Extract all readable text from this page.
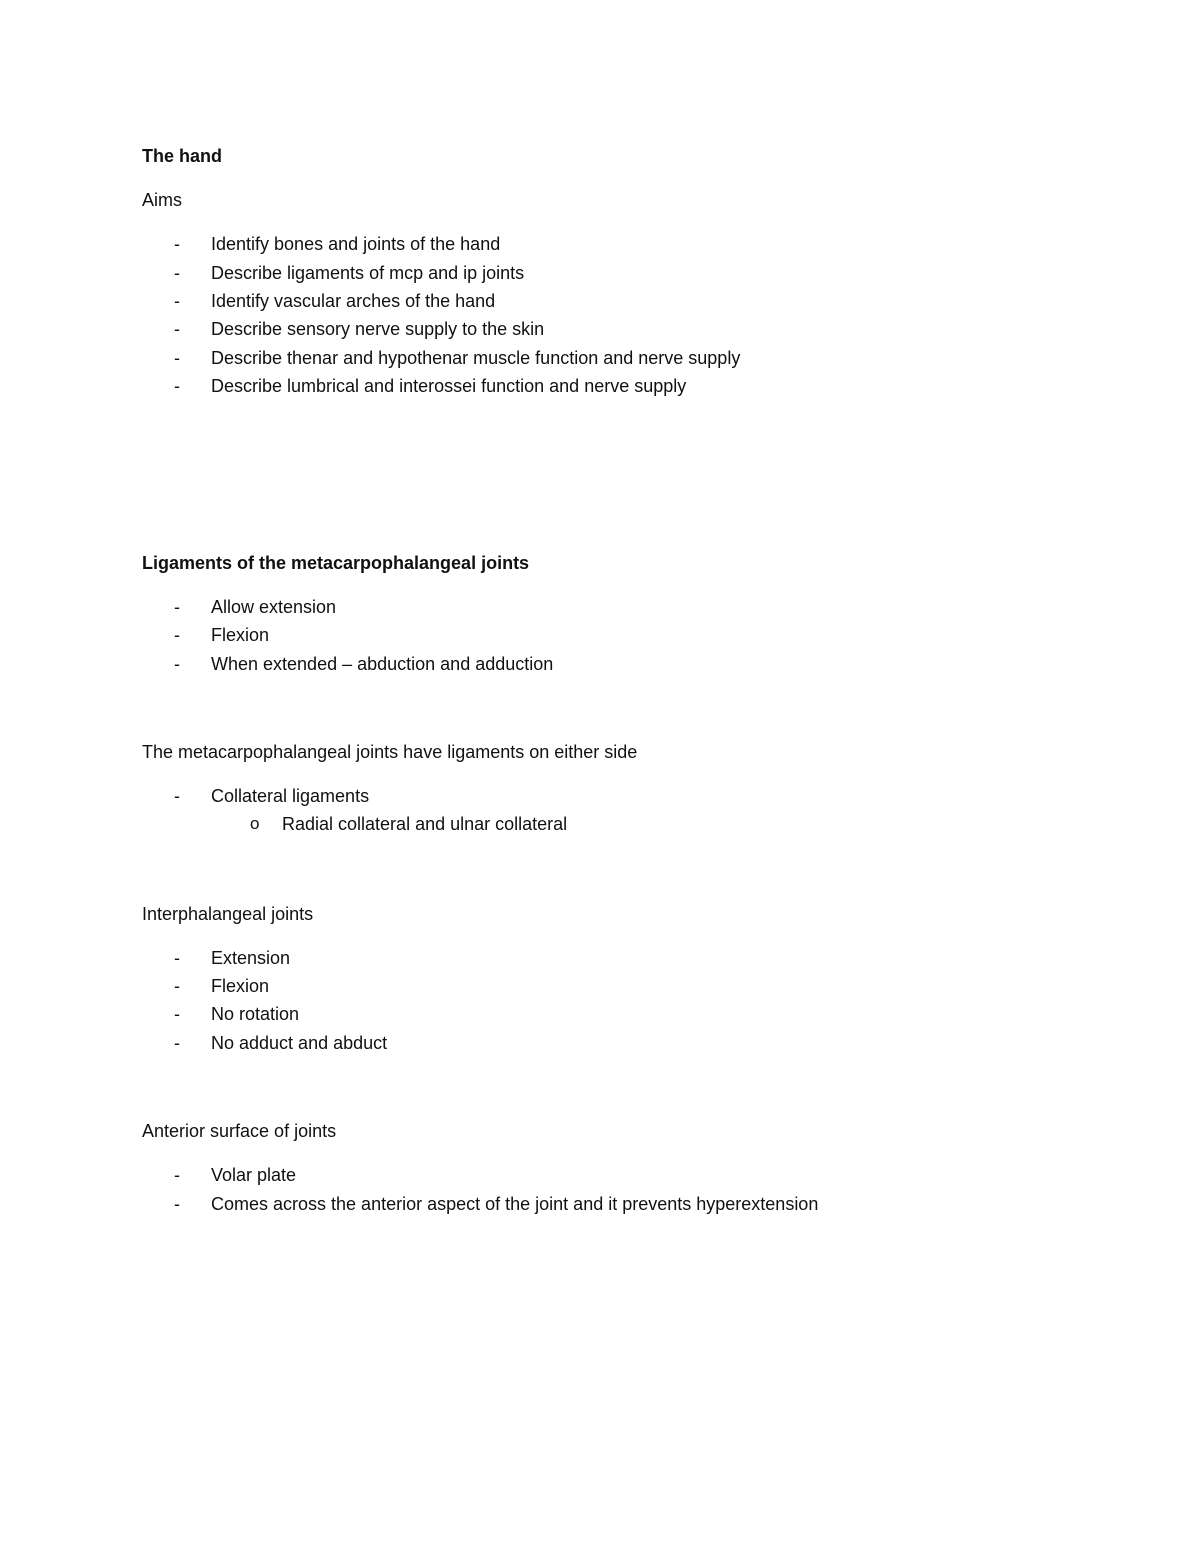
The hand
Aims
- Identify bones and joints of the hand
- Describe ligaments of mcp and ip joints
- Identify vascular arches of the hand
- Describe sensory nerve supply to the skin
- Describe thenar and hypothenar muscle function and nerve supply
- Describe lumbrical and interossei function and nerve supply
Ligaments of the metacarpophalangeal joints
- Allow extension
- Flexion
- When extended – abduction and adduction
The metacarpophalangeal joints have ligaments on either side
- Collateral ligaments
o Radial collateral and ulnar collateral
Interphalangeal joints
- Extension
- Flexion
- No rotation
- No adduct and abduct
Anterior surface of joints
- Volar plate
- Comes across the anterior aspect of the joint and it prevents hyperextension
